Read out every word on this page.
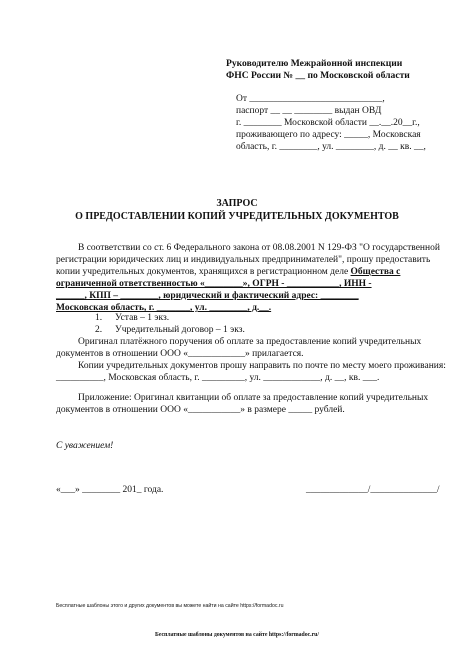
Руководителю Межрайонной инспекции
ФНС России № __ по Московской области
От ____________________________,
паспорт __ __ ________ выдан ОВД
г. ________ Московской области __.__.20__г.,
проживающего по адресу: _____, Московская
область, г. ________, ул. ________, д. __ кв. __,
ЗАПРОС
О ПРЕДОСТАВЛЕНИИ КОПИЙ УЧРЕДИТЕЛЬНЫХ ДОКУМЕНТОВ
В соответствии со ст. 6 Федерального закона от 08.08.2001 N 129-ФЗ "О государственной
регистрации юридических лиц и индивидуальных предпринимателей", прошу предоставить
копии учредительных документов, хранящихся в регистрационном деле Общества с
ограниченной ответственностью «________», ОГРН - ___________, ИНН -
______, КПП – ________, юридический и фактический адрес: ________
Московская область, г. _______, ул. ________, д.__.
1. Устав – 1 экз.
2. Учредительный договор – 1 экз.
Оригинал платёжного поручения об оплате за предоставление копий учредительных
документов в отношении ООО «____________» прилагается.
Копии учредительных документов прошу направить по почте по месту моего проживания:
__________, Московская область, г. _________, ул. ____________, д. __, кв. ___.
Приложение: Оригинал квитанции об оплате за предоставление копий учредительных
документов в отношении ООО «___________» в размере _____ рублей.
С уважением!
«___» ________ 201_ года.	_____________/______________/
Бесплатные шаблоны этого и других документов вы можете найти на сайте https://formadoc.ru
Бесплатные шаблоны документов на сайте https://formadoc.ru/
